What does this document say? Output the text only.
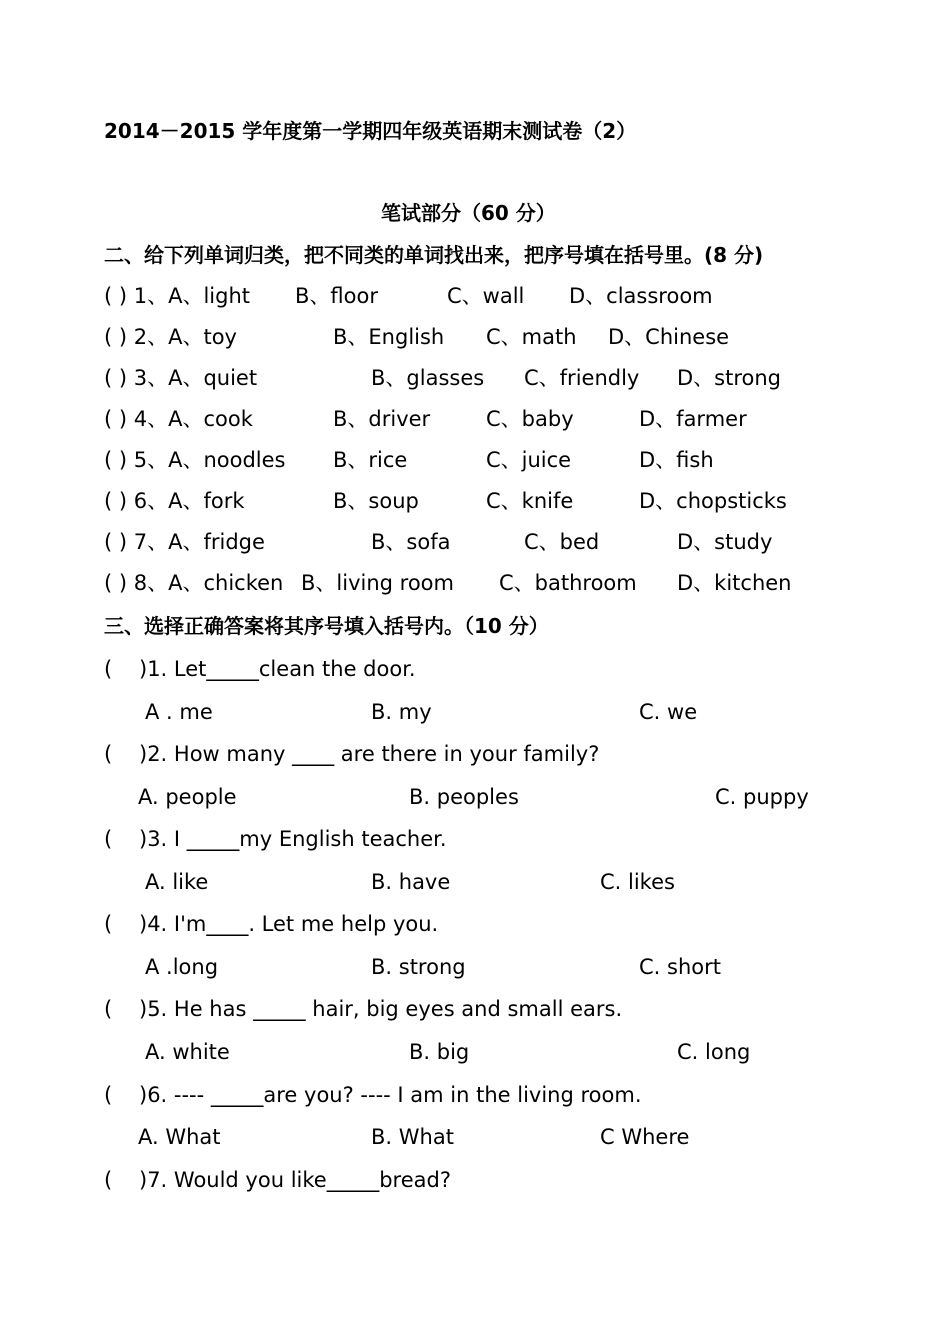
2014－2015 学年度第一学期四年级英语期末测试卷（2）
笔试部分（60 分）
二、给下列单词归类，把不同类的单词找出来，把序号填在括号里。(8 分)
( ) 1、A、light B、floor	C、wall D、classroom
( ) 2、A、toy	B、English C、math D、Chinese
( ) 3、A、quiet	B、glasses C、friendly D、strong
( ) 4、A、cook	B、driver	C、baby	D、farmer
( ) 5、A、noodles B、rice	C、juice	D、fish
( ) 6、A、fork	B、soup	C、knife	D、chopsticks
( ) 7、A、fridge	B、sofa	C、bed	D、study
( ) 8、A、chicken B、living room C、bathroom D、kitchen
三、选择正确答案将其序号填入括号内。（10 分）
( )1. Let_____clean the door.
A . me	B. my	C. we
( )2. How many ____ are there in your family?
A. people	B. peoples	C. puppy
( )3. I _____my English teacher.
A. like	B. have	C. likes
( )4. I'm____. Let me help you.
A .long	B. strong	C. short
( )5. He has _____ hair, big eyes and small ears.
A. white	B. big	C. long
( )6. ---- _____are you? ---- I am in the living room.
A. What	B. What	C Where
( )7. Would you like_____bread?
